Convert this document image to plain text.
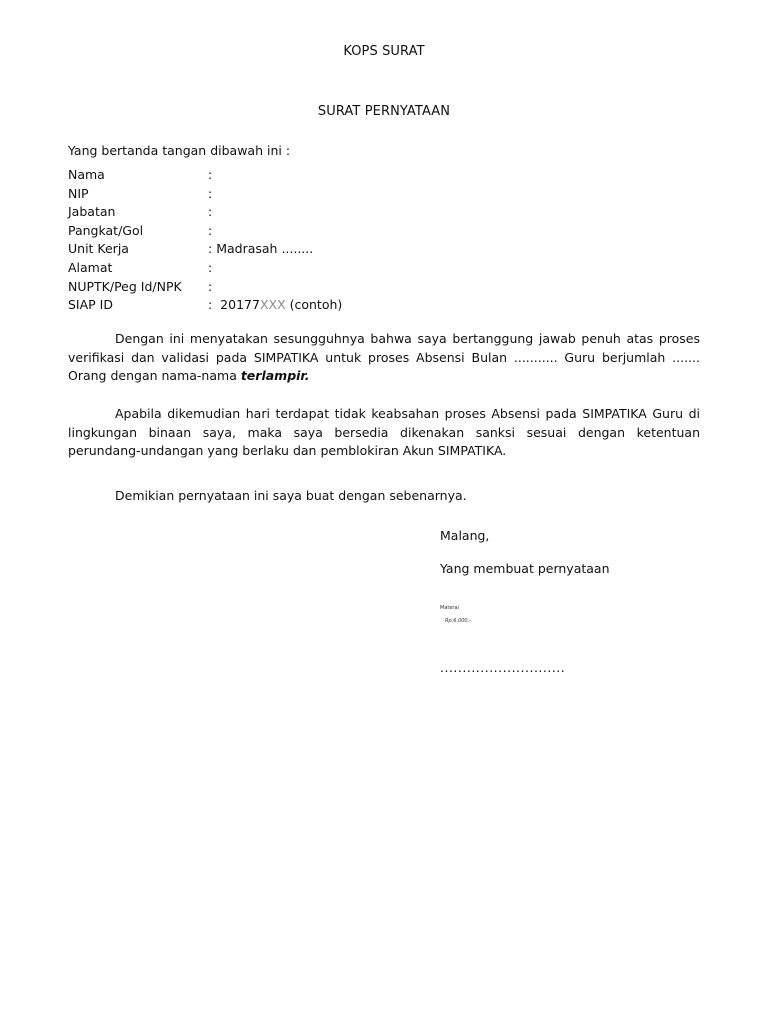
KOPS SURAT
SURAT PERNYATAAN
Yang bertanda tangan dibawah ini :
Nama	:
NIP	:
Jabatan	:
Pangkat/Gol	:
Unit Kerja	: Madrasah ........
Alamat	:
NUPTK/Peg Id/NPK	:
SIAP ID	: 20177XXX (contoh)
Dengan ini menyatakan sesungguhnya bahwa saya bertanggung jawab penuh atas proses verifikasi dan validasi pada SIMPATIKA untuk proses Absensi Bulan ........... Guru berjumlah ....... Orang dengan nama-nama terlampir.
Apabila dikemudian hari terdapat tidak keabsahan proses Absensi pada SIMPATIKA Guru di lingkungan binaan saya, maka saya bersedia dikenakan sanksi sesuai dengan ketentuan perundang-undangan yang berlaku dan pemblokiran Akun SIMPATIKA.
Demikian pernyataan ini saya buat dengan sebenarnya.
Malang,
Yang membuat pernyataan
Materai
Rp.6.000,-
............................
